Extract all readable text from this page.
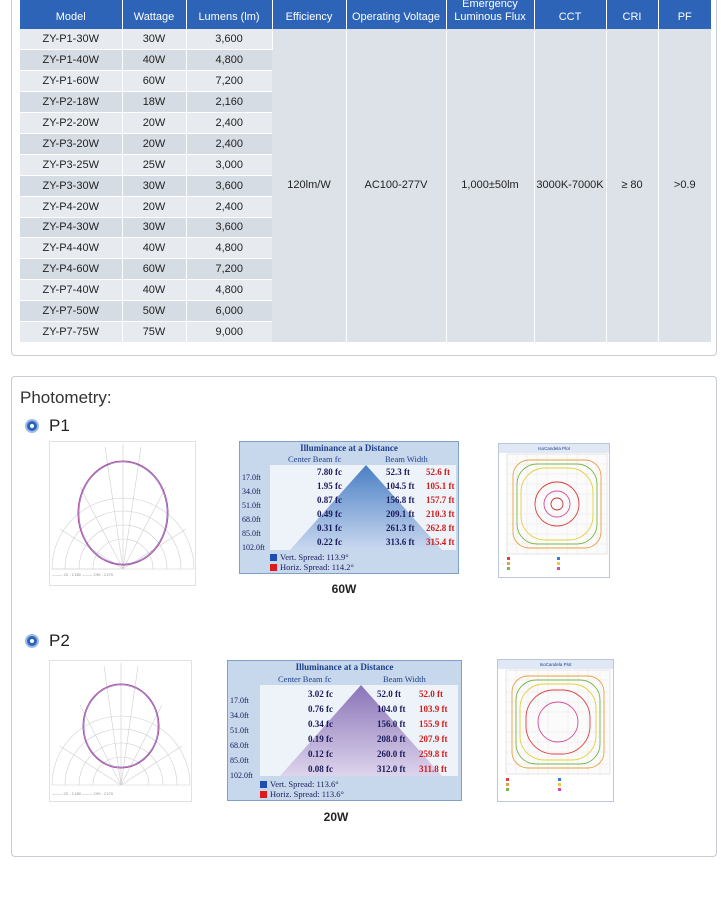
Model	Wattage	Lumens (lm)	Efficiency	Operating Voltage	Emergency
Luminous Flux	CCT	CRI	PF
ZY-P1-30W	30W	3,600	120lm/W	AC100-277V	1,000±50lm	3000K-7000K	≥ 80	>0.9
ZY-P1-40W	40W	4,800						
ZY-P1-60W	60W	7,200						
ZY-P2-18W	18W	2,160						
ZY-P2-20W	20W	2,400						
ZY-P3-20W	20W	2,400						
ZY-P3-25W	25W	3,000						
ZY-P3-30W	30W	3,600						
ZY-P4-20W	20W	2,400						
ZY-P4-30W	30W	3,600						
ZY-P4-40W	40W	4,800						
ZY-P4-60W	60W	7,200						
ZY-P7-40W	40W	4,800						
ZY-P7-50W	50W	6,000						
ZY-P7-75W	75W	9,000						
Photometry:
P1
——— C0 - C180 ——— C90 - C270
Illuminance at a Distance
Center Beam fc	Beam Width
Vert. Spread: 113.9°
Horiz. Spread: 114.2°
17.0ft
7.80 fc	52.3 ft 52.6 ft
34.0ft
1.95 fc	104.5 ft 105.1 ft
51.0ft
0.87 fc	156.8 ft 157.7 ft
68.0ft
0.49 fc	209.1 ft 210.3 ft
85.0ft
0.31 fc	261.3 ft 262.8 ft
102.0ft
0.22 fc	313.6 ft 315.4 ft
IsoCandela Plot
60W
P2
——— C0 - C180 ——— C90 - C270
Illuminance at a Distance
Center Beam fc	Beam Width
Vert. Spread: 113.6°
Horiz. Spread: 113.6°
17.0ft
3.02 fc	52.0 ft 52.0 ft
34.0ft
0.76 fc	104.0 ft 103.9 ft
51.0ft
0.34 fc	156.0 ft 155.9 ft
68.0ft
0.19 fc	208.0 ft 207.9 ft
85.0ft
0.12 fc	260.0 ft 259.8 ft
102.0ft
0.08 fc	312.0 ft 311.8 ft
IsoCandela Plot
20W
